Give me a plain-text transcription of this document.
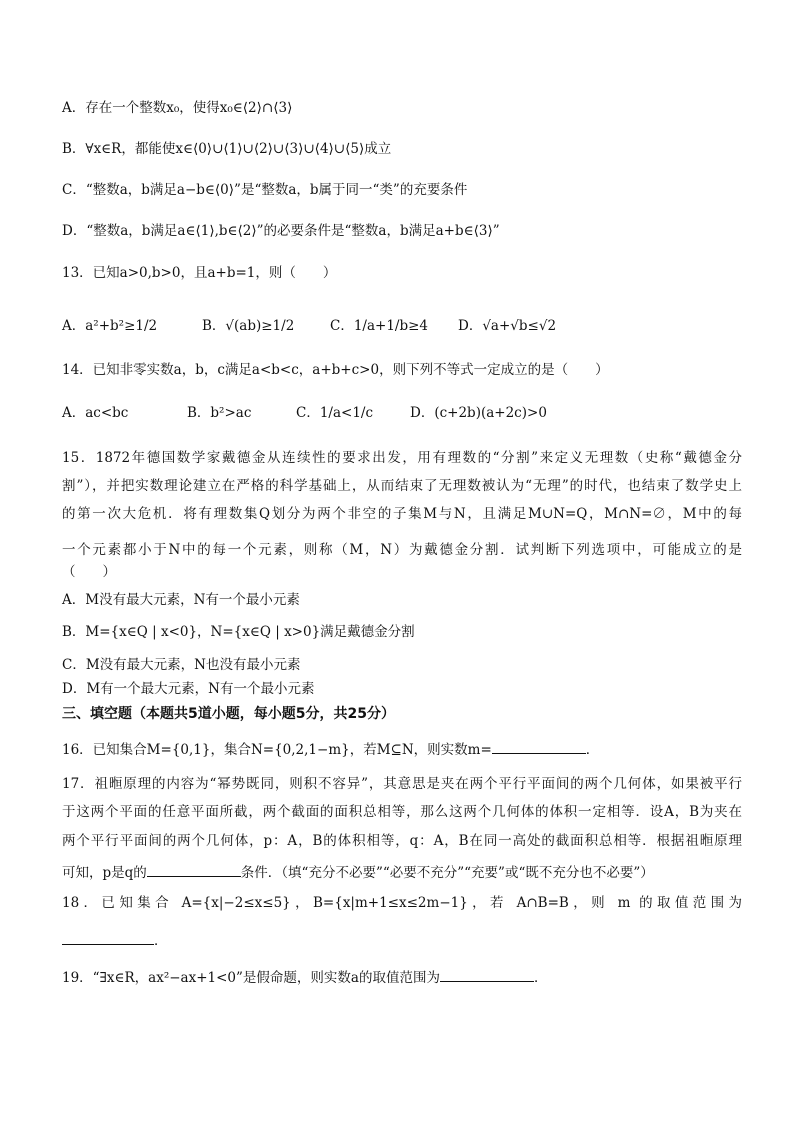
A．存在一个整数x₀，使得x₀∈⟨2⟩∩⟨3⟩
B．∀x∈R，都能使x∈⟨0⟩∪⟨1⟩∪⟨2⟩∪⟨3⟩∪⟨4⟩∪⟨5⟩成立
C．“整数a，b满足a−b∈⟨0⟩”是“整数a，b属于同一“类”的充要条件
D．“整数a，b满足a∈⟨1⟩,b∈⟨2⟩”的必要条件是“整数a，b满足a+b∈⟨3⟩”
13．已知a>0,b>0，且a+b=1，则（　　）
A．a²+b²≥1/2	B．√(ab)≥1/2	C．1/a+1/b≥4 D．√a+√b≤√2
14．已知非零实数a，b，c满足a<b<c，a+b+c>0，则下列不等式一定成立的是（　　）
A．ac<bc	B．b²>ac	C．1/a<1/c	D．(c+2b)(a+2c)>0
15．1872年德国数学家戴德金从连续性的要求出发，用有理数的“分割”来定义无理数（史称“戴德金分
割”），并把实数理论建立在严格的科学基础上，从而结束了无理数被认为“无理”的时代，也结束了数学史上
的第一次大危机．将有理数集Q划分为两个非空的子集M与N，且满足M∪N=Q，M∩N=∅，M中的每
一个元素都小于N中的每一个元素，则称（M，N）为戴德金分割．试判断下列选项中，可能成立的是
（　　）
A．M没有最大元素，N有一个最小元素
B．M={x∈Q | x<0}，N={x∈Q | x>0}满足戴德金分割
C．M没有最大元素，N也没有最小元素
D．M有一个最大元素，N有一个最小元素
三、填空题（本题共5道小题，每小题5分，共25分）
16．已知集合M={0,1}，集合N={0,2,1−m}，若M⊆N，则实数m=	．
17．祖暅原理的内容为“幂势既同，则积不容异”，其意思是夹在两个平行平面间的两个几何体，如果被平行
于这两个平面的任意平面所截，两个截面的面积总相等，那么这两个几何体的体积一定相等．设A，B为夹在
两个平行平面间的两个几何体，p：A，B的体积相等，q：A，B在同一高处的截面积总相等．根据祖暅原理
可知，p是q的	条件．（填“充分不必要”“必要不充分”“充要”或“既不充分也不必要”）
18．已知集合 A={x|−2≤x≤5}，B={x|m+1≤x≤2m−1}，若 A∩B=B，则 m 的取值范围为
．
19．“∃x∈R，ax²−ax+1<0”是假命题，则实数a的取值范围为	．
